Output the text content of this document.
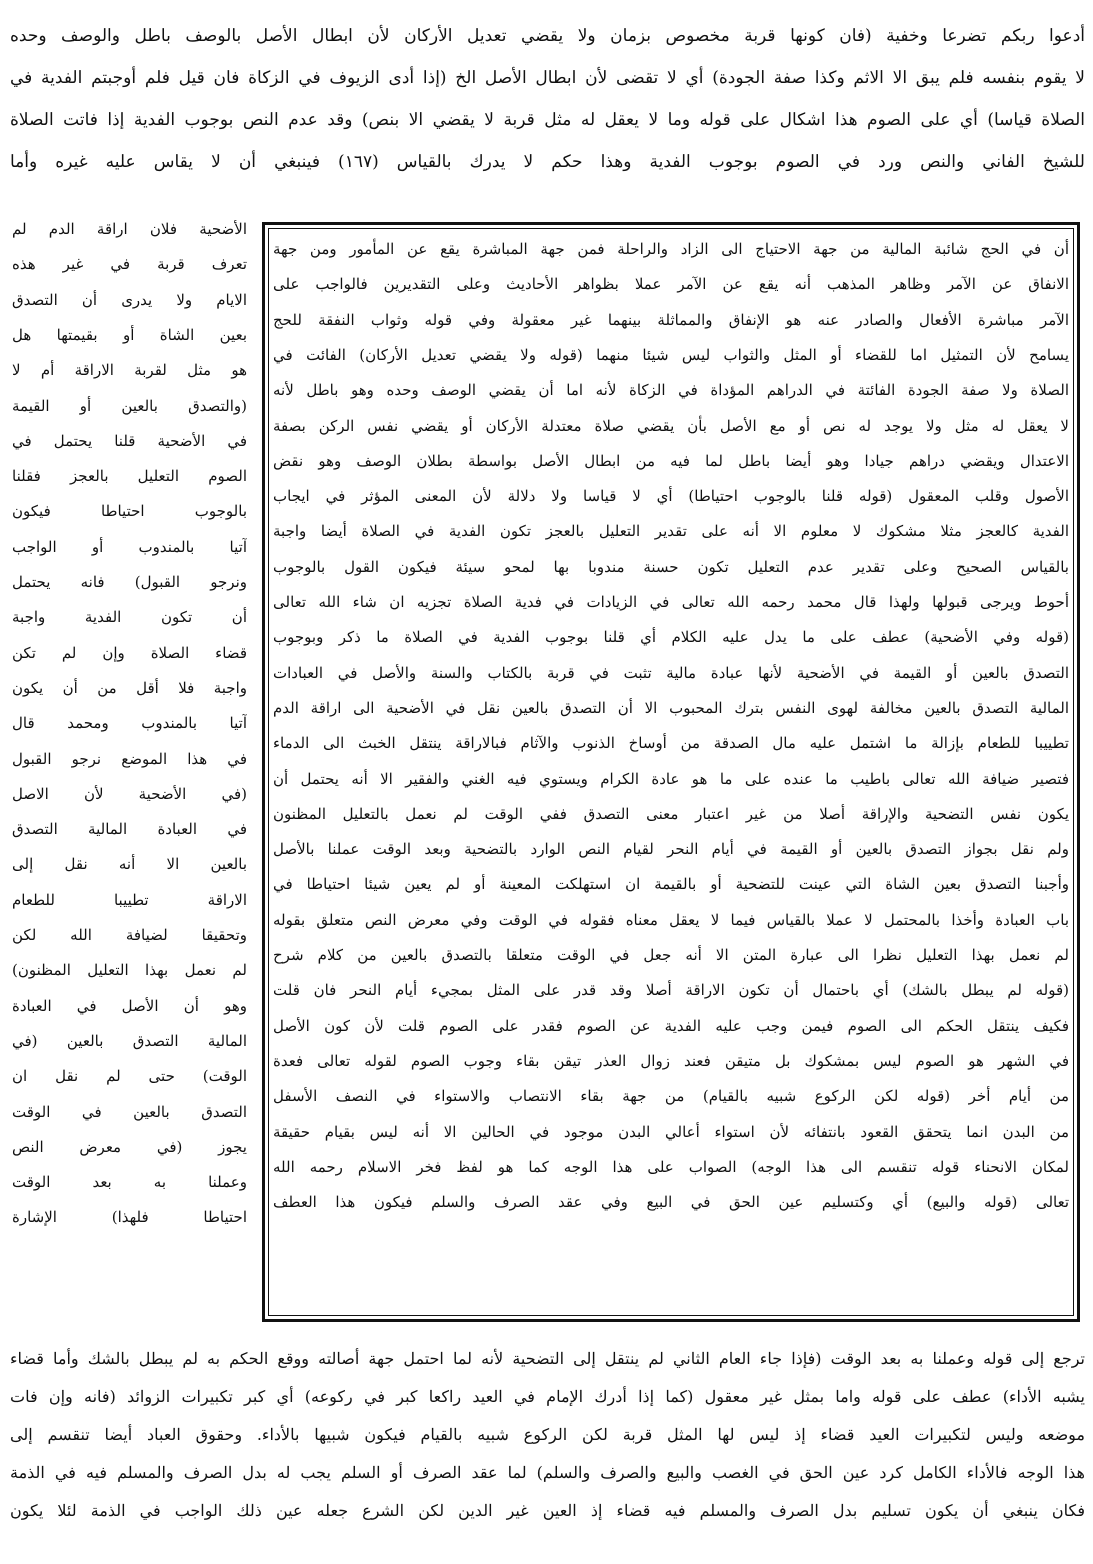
أدعوا ربكم تضرعا وخفية (فان كونها قربة مخصوص بزمان ولا يقضي تعديل الأركان لأن ابطال الأصل بالوصف باطل والوصف وحده
لا يقوم بنفسه فلم يبق الا الاثم وكذا صفة الجودة) أي لا تقضى لأن ابطال الأصل الخ (إذا أدى الزيوف في الزكاة فان قيل فلم أوجبتم الفدية في
الصلاة قياسا) أي على الصوم هذا اشكال على قوله وما لا يعقل له مثل قربة لا يقضي الا بنص) وقد عدم النص بوجوب الفدية إذا فاتت الصلاة
للشيخ الفاني والنص ورد في الصوم بوجوب الفدية وهذا حكم لا يدرك بالقياس (١٦٧) فينبغي أن لا يقاس عليه غيره وأما
أن في الحج شائبة المالية من جهة الاحتياج الى الزاد والراحلة فمن جهة المباشرة يقع عن المأمور ومن جهة
الانفاق عن الآمر وظاهر المذهب أنه يقع عن الآمر عملا بظواهر الأحاديث وعلى التقديرين فالواجب على
الآمر مباشرة الأفعال والصادر عنه هو الإنفاق والمماثلة بينهما غير معقولة وفي قوله وثواب النفقة للحج
يسامح لأن التمثيل اما للقضاء أو المثل والثواب ليس شيئا منهما (قوله ولا يقضي تعديل الأركان) الفائت في
الصلاة ولا صفة الجودة الفائتة في الدراهم المؤداة في الزكاة لأنه اما أن يقضي الوصف وحده وهو باطل لأنه
لا يعقل له مثل ولا يوجد له نص أو مع الأصل بأن يقضي صلاة معتدلة الأركان أو يقضي نفس الركن بصفة
الاعتدال ويقضي دراهم جيادا وهو أيضا باطل لما فيه من ابطال الأصل بواسطة بطلان الوصف وهو نقض
الأصول وقلب المعقول (قوله قلنا بالوجوب احتياطا) أي لا قياسا ولا دلالة لأن المعنى المؤثر في ايجاب
الفدية كالعجز مثلا مشكوك لا معلوم الا أنه على تقدير التعليل بالعجز تكون الفدية في الصلاة أيضا واجبة
بالقياس الصحيح وعلى تقدير عدم التعليل تكون حسنة مندوبا بها لمحو سيئة فيكون القول بالوجوب
أحوط ويرجى قبولها ولهذا قال محمد رحمه الله تعالى في الزيادات في فدية الصلاة تجزيه ان شاء الله تعالى
(قوله وفي الأضحية) عطف على ما يدل عليه الكلام أي قلنا بوجوب الفدية في الصلاة ما ذكر وبوجوب
التصدق بالعين أو القيمة في الأضحية لأنها عبادة مالية تثبت في قربة بالكتاب والسنة والأصل في العبادات
المالية التصدق بالعين مخالفة لهوى النفس بترك المحبوب الا أن التصدق بالعين نقل في الأضحية الى اراقة الدم
تطييبا للطعام بإزالة ما اشتمل عليه مال الصدقة من أوساخ الذنوب والآثام فبالاراقة ينتقل الخبث الى الدماء
فتصير ضيافة الله تعالى باطيب ما عنده على ما هو عادة الكرام ويستوي فيه الغني والفقير الا أنه يحتمل أن
يكون نفس التضحية والإراقة أصلا من غير اعتبار معنى التصدق ففي الوقت لم نعمل بالتعليل المظنون
ولم نقل بجواز التصدق بالعين أو القيمة في أيام النحر لقيام النص الوارد بالتضحية وبعد الوقت عملنا بالأصل
وأجبنا التصدق بعين الشاة التي عينت للتضحية أو بالقيمة ان استهلكت المعينة أو لم يعين شيئا احتياطا في
باب العبادة وأخذا بالمحتمل لا عملا بالقياس فيما لا يعقل معناه فقوله في الوقت وفي معرض النص متعلق بقوله
لم نعمل بهذا التعليل نظرا الى عبارة المتن الا أنه جعل في الوقت متعلقا بالتصدق بالعين من كلام شرح
(قوله لم يبطل بالشك) أي باحتمال أن تكون الاراقة أصلا وقد قدر على المثل بمجيء أيام النحر فان قلت
فكيف ينتقل الحكم الى الصوم فيمن وجب عليه الفدية عن الصوم فقدر على الصوم قلت لأن كون الأصل
في الشهر هو الصوم ليس بمشكوك بل متيقن فعند زوال العذر تيقن بقاء وجوب الصوم لقوله تعالى فعدة
من أيام أخر (قوله لكن الركوع شبيه بالقيام) من جهة بقاء الانتصاب والاستواء في النصف الأسفل
من البدن انما يتحقق القعود بانتفائه لأن استواء أعالي البدن موجود في الحالين الا أنه ليس بقيام حقيقة
لمكان الانحناء قوله تنقسم الى هذا الوجه) الصواب على هذا الوجه كما هو لفظ فخر الاسلام رحمه الله
تعالى (قوله والبيع) أي وكتسليم عين الحق في البيع وفي عقد الصرف والسلم فيكون هذا العطف
الأضحية فلان اراقة الدم لم
تعرف قربة في غير هذه
الايام ولا يدرى أن التصدق
بعين الشاة أو بقيمتها هل
هو مثل لقربة الاراقة أم لا
(والتصدق بالعين أو القيمة
في الأضحية قلنا يحتمل في
الصوم التعليل بالعجز فقلنا
بالوجوب احتياطا فيكون
آتيا بالمندوب أو الواجب
ونرجو القبول) فانه يحتمل
أن تكون الفدية واجبة
قضاء الصلاة وإن لم تكن
واجبة فلا أقل من أن يكون
آتيا بالمندوب ومحمد قال
في هذا الموضع نرجو القبول
(في الأضحية لأن الاصل
في العبادة المالية التصدق
بالعين الا أنه نقل إلى
الاراقة تطييبا للطعام
وتحقيقا لضيافة الله لكن
لم نعمل بهذا التعليل المظنون)
وهو أن الأصل في العبادة
المالية التصدق بالعين (في
الوقت) حتى لم نقل ان
التصدق بالعين في الوقت
يجوز (في معرض النص
وعملنا به بعد الوقت
احتياطا فلهذا) الإشارة
ترجع إلى قوله وعملنا به بعد الوقت (فإذا جاء العام الثاني لم ينتقل إلى التضحية لأنه لما احتمل جهة أصالته ووقع الحكم به لم يبطل بالشك وأما قضاء
يشبه الأداء) عطف على قوله واما بمثل غير معقول (كما إذا أدرك الإمام في العيد راكعا كبر في ركوعه) أي كبر تكبيرات الزوائد (فانه وإن فات
موضعه وليس لتكبيرات العيد قضاء إذ ليس لها المثل قربة لكن الركوع شبيه بالقيام فيكون شبيها بالأداء. وحقوق العباد أيضا تنقسم إلى
هذا الوجه فالأداء الكامل كرد عين الحق في الغصب والبيع والصرف والسلم) لما عقد الصرف أو السلم يجب له بدل الصرف والمسلم فيه في الذمة
فكان ينبغي أن يكون تسليم بدل الصرف والمسلم فيه قضاء إذ العين غير الدين لكن الشرع جعله عين ذلك الواجب في الذمة لئلا يكون
